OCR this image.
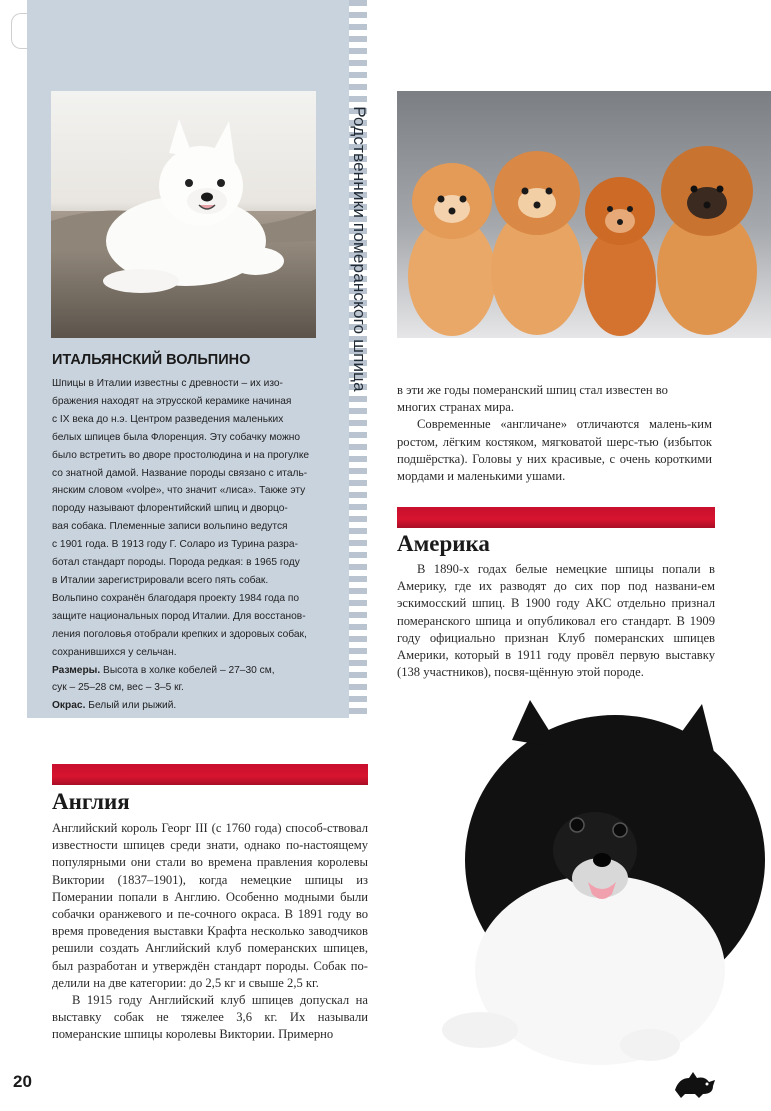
Родственники померанского шпица
ИТАЛЬЯНСКИЙ ВОЛЬПИНО

Шпицы в Италии известны с древности – их изо-

бражения находят на этрусской керамике начиная

с IX века до н.э. Центром разведения маленьких

белых шпицев была Флоренция. Эту собачку можно

было встретить во дворе простолюдина и на прогулке

со знатной дамой. Название породы связано с италь-

янским словом «volpe», что значит «лиса». Также эту

породу называют флорентийский шпиц и дворцо-

вая собака. Племенные записи вольпино ведутся

с 1901 года. В 1913 году Г. Соларо из Турина разра-

ботал стандарт породы. Порода редкая: в 1965 году

в Италии зарегистрировали всего пять собак.

Вольпино сохранён благодаря проекту 1984 года по

защите национальных пород Италии. Для восстанов-

ления поголовья отобрали крепких и здоровых собак,

сохранившихся у сельчан.

Размеры. Высота в холке кобелей – 27–30 см,

сук – 25–28 см, вес – 3–5 кг.

Окрас. Белый или рыжий.

в эти же годы померанский шпиц стал известен во

многих странах мира.

Современные «англичане» отличаются малень-ким ростом, лёгким костяком, мягковатой шерс-тью (избыток подшёрстка). Головы у них красивые, с очень короткими мордами и маленькими ушами.

Америка

В 1890-х годах белые немецкие шпицы попали в Америку, где их разводят до сих пор под названи-ем эскимосский шпиц. В 1900 году АКС отдельно признал померанского шпица и опубликовал его стандарт. В 1909 году официально признан Клуб померанских шпицев Америки, который в 1911 году провёл первую выставку (138 участников), посвя-щённую этой породе.

Англия

Английский король Георг III (с 1760 года) способ-ствовал известности шпицев среди знати, однако по-настоящему популярными они стали во времена правления королевы Виктории (1837–1901), когда немецкие шпицы из Померании попали в Англию. Особенно модными были собачки оранжевого и пе-сочного окраса. В 1891 году во время проведения выставки Крафта несколько заводчиков решили создать Английский клуб померанских шпицев, был разработан и утверждён стандарт породы. Собак по-делили на две категории: до 2,5 кг и свыше 2,5 кг.

В 1915 году Английский клуб шпицев допускал на выставку собак не тяжелее 3,6 кг. Их называли померанские шпицы королевы Виктории. Примерно

20
